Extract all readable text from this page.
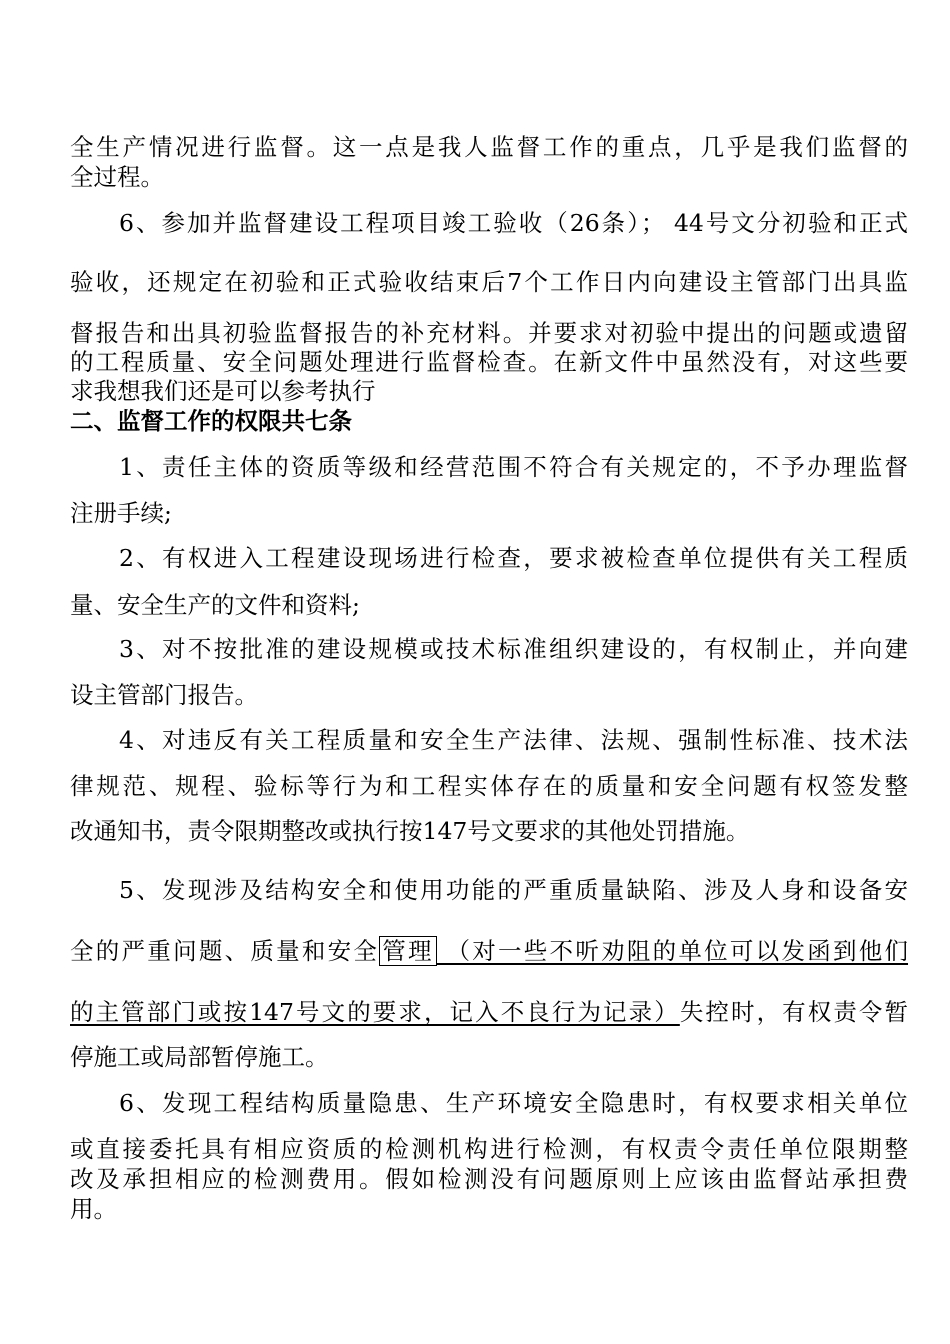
全生产情况进行监督。这一点是我人监督工作的重点，几乎是我们监督的
全过程。
6、参加并监督建设工程项目竣工验收（26条）； 44号文分初验和正式
验收，还规定在初验和正式验收结束后7个工作日内向建设主管部门出具监
督报告和出具初验监督报告的补充材料。并要求对初验中提出的问题或遗留
的工程质量、安全问题处理进行监督检查。在新文件中虽然没有，对这些要
求我想我们还是可以参考执行
二、监督工作的权限共七条
1、责任主体的资质等级和经营范围不符合有关规定的，不予办理监督
注册手续;
2、有权进入工程建设现场进行检查，要求被检查单位提供有关工程质
量、安全生产的文件和资料;
3、对不按批准的建设规模或技术标准组织建设的，有权制止，并向建
设主管部门报告。
4、对违反有关工程质量和安全生产法律、法规、强制性标准、技术法
律规范、规程、验标等行为和工程实体存在的质量和安全问题有权签发整
改通知书，责令限期整改或执行按147号文要求的其他处罚措施。
5、发现涉及结构安全和使用功能的严重质量缺陷、涉及人身和设备安
全的严重问题、质量和安全 管理 （对一些不听劝阻的单位可以发函到他们
的主管部门或按147号文的要求，记入不良行为记录）失控时，有权责令暂
停施工或局部暂停施工。
6、发现工程结构质量隐患、生产环境安全隐患时，有权要求相关单位
或直接委托具有相应资质的检测机构进行检测，有权责令责任单位限期整
改及承担相应的检测费用。假如检测没有问题原则上应该由监督站承担费
用。
